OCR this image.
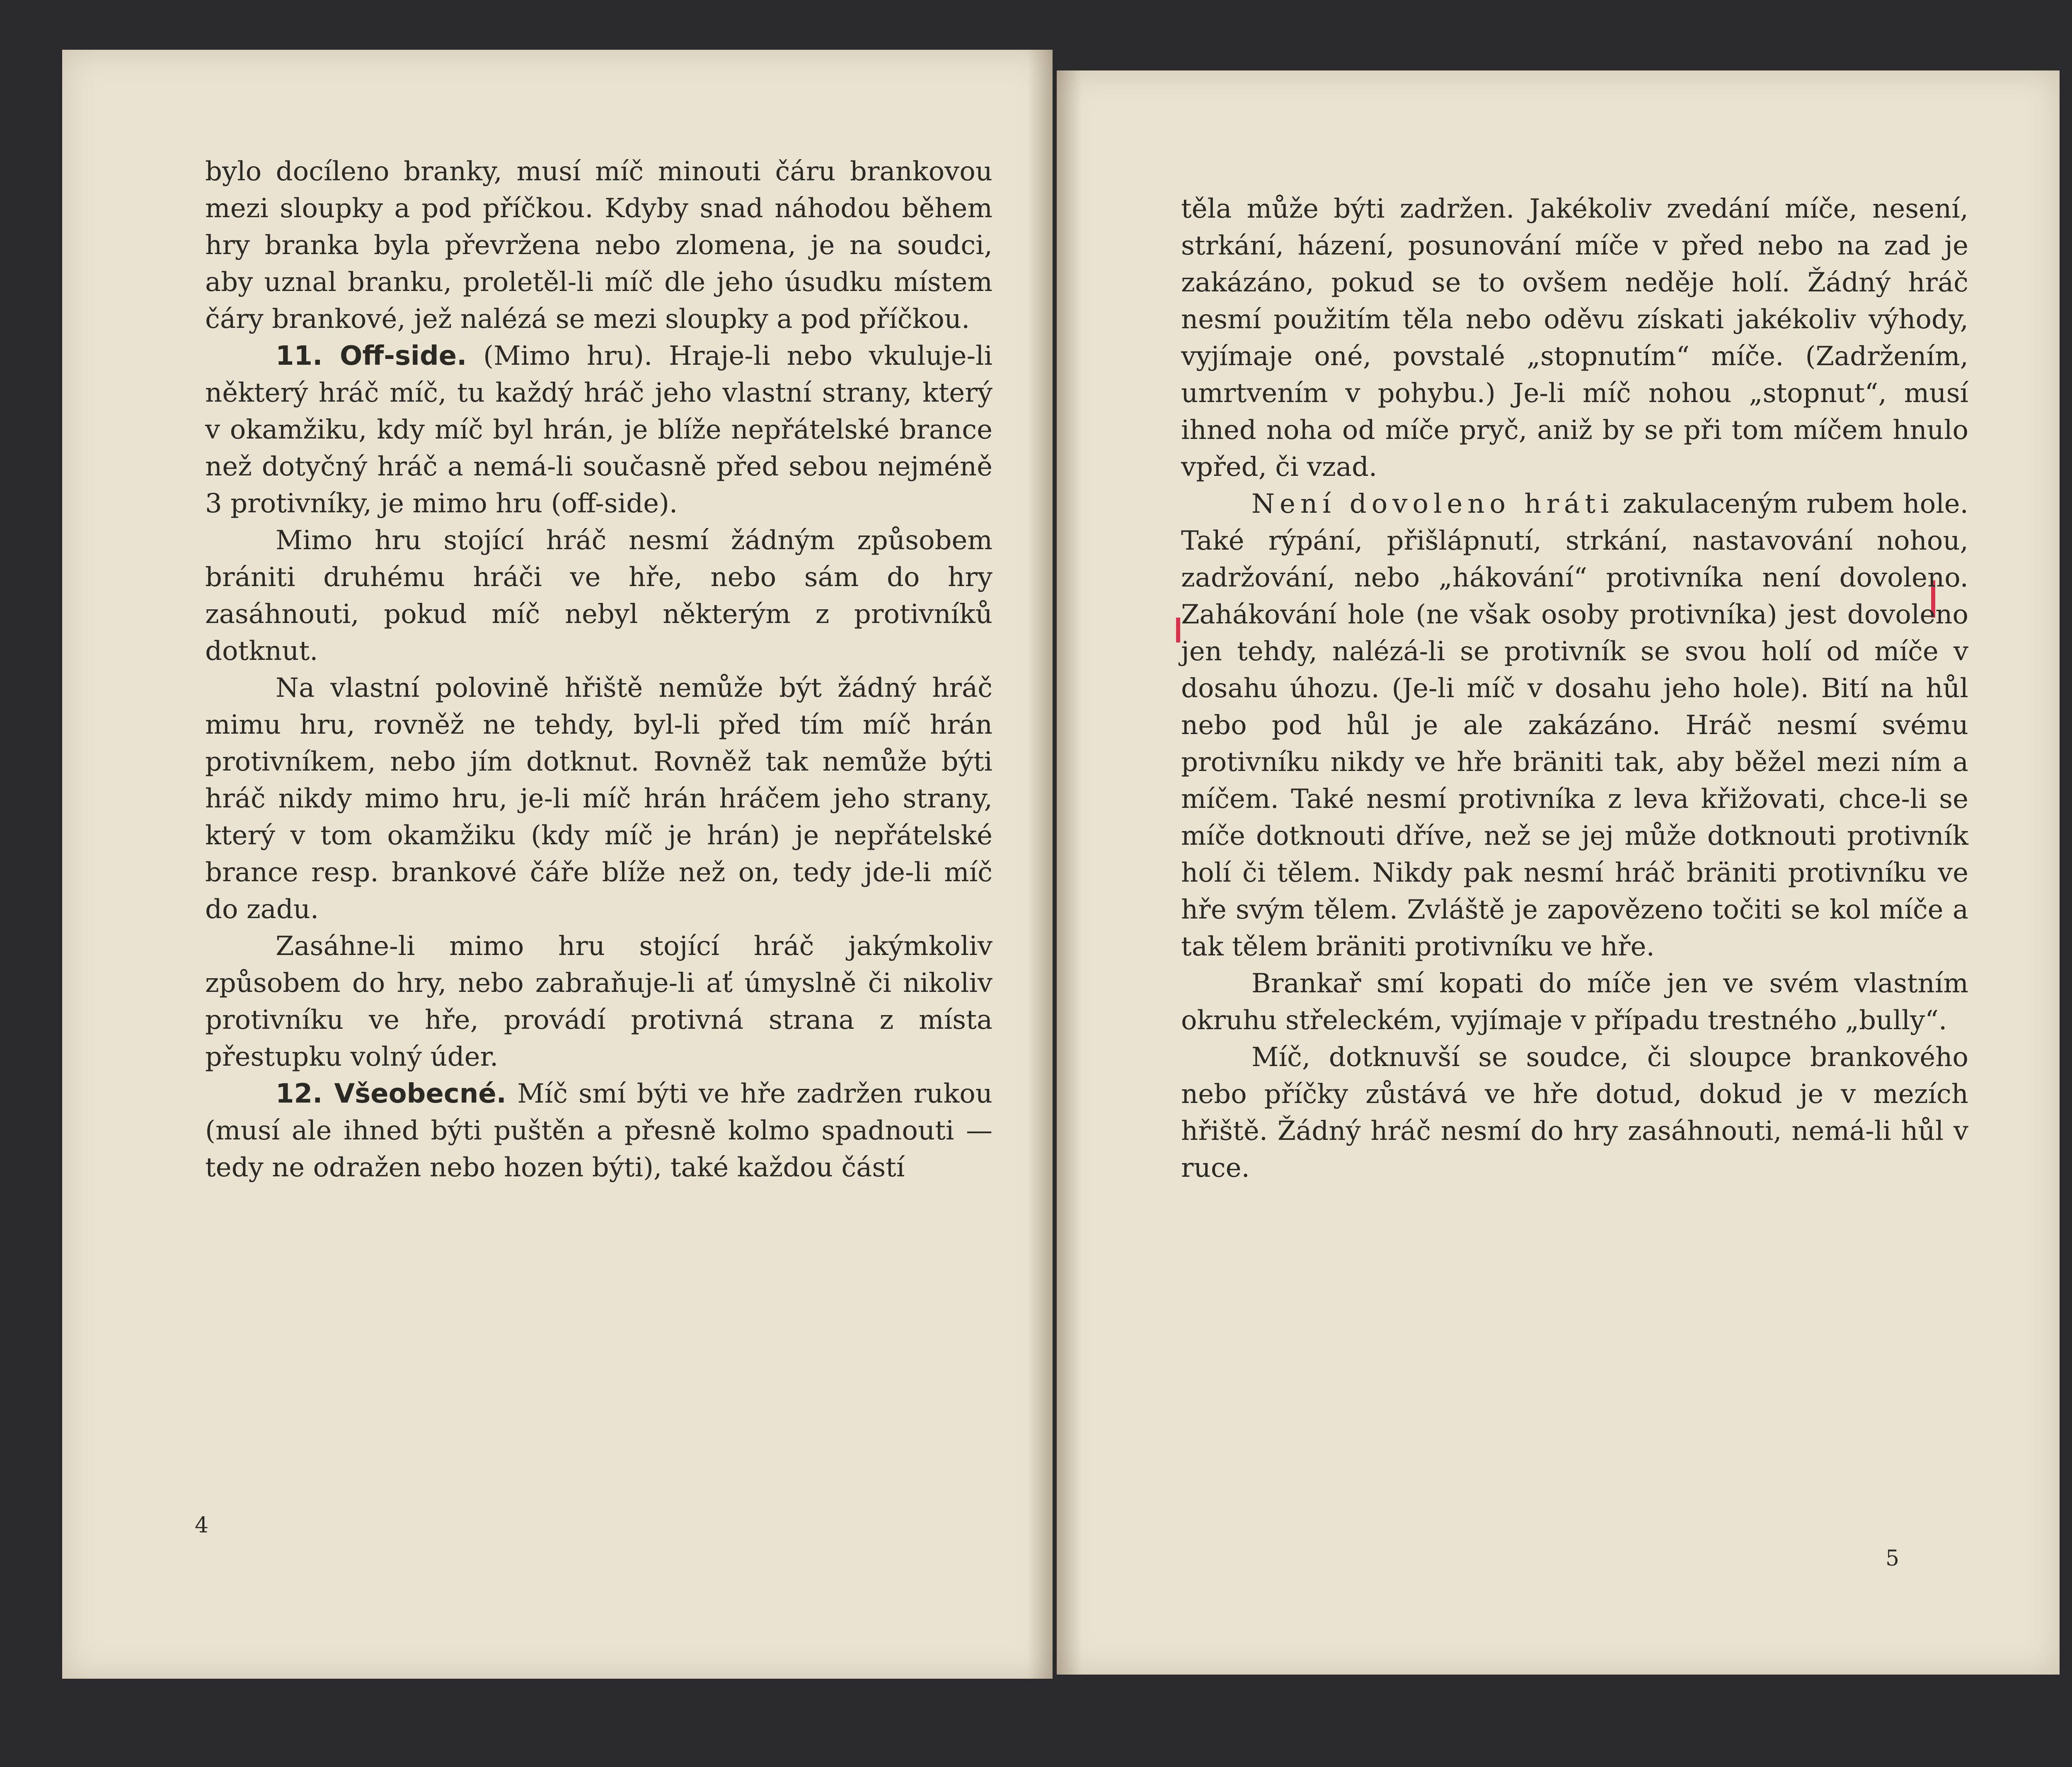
bylo docíleno branky, musí míč minouti čáru brankovou mezi sloupky a pod příčkou. Kdyby snad náhodou během hry branka byla převržena nebo zlomena, je na soudci, aby uznal branku, proletěl-li míč dle jeho úsudku místem čáry brankové, jež nalézá se mezi sloupky a pod příčkou.

11. Off-side. (Mimo hru). Hraje-li nebo vkuluje-li některý hráč míč, tu každý hráč jeho vlastní strany, který v okamžiku, kdy míč byl hrán, je blíže nepřátelské brance než dotyčný hráč a nemá-li současně před sebou nejméně 3 protivníky, je mimo hru (off-side).

Mimo hru stojící hráč nesmí žádným způsobem brániti druhému hráči ve hře, nebo sám do hry zasáhnouti, pokud míč nebyl některým z protivníků dotknut.

Na vlastní polovině hřiště nemůže být žádný hráč mimu hru, rovněž ne tehdy, byl-li před tím míč hrán protivníkem, nebo jím dotknut. Rovněž tak nemůže býti hráč nikdy mimo hru, je-li míč hrán hráčem jeho strany, který v tom okamžiku (kdy míč je hrán) je nepřátelské brance resp. brankové čáře blíže než on, tedy jde-li míč do zadu.

Zasáhne-li mimo hru stojící hráč jakýmkoliv způsobem do hry, nebo zabraňuje-li ať úmyslně či nikoliv protivníku ve hře, provádí protivná strana z místa přestupku volný úder.

12. Všeobecné. Míč smí býti ve hře zadržen rukou (musí ale ihned býti puštěn a přesně kolmo spadnouti — tedy ne odražen nebo hozen býti), také každou částí

4

těla může býti zadržen. Jakékoliv zvedání míče, nesení, strkání, házení, posunování míče v před nebo na zad je zakázáno, pokud se to ovšem neděje holí. Žádný hráč nesmí použitím těla nebo oděvu získati jakékoliv výhody, vyjímaje oné, povstalé „stopnutím“ míče. (Zadržením, umrtvením v pohybu.) Je-li míč nohou „stopnut“, musí ihned noha od míče pryč, aniž by se při tom míčem hnulo vpřed, či vzad.

Není dovoleno hráti zakulaceným rubem hole. Také rýpání, přišlápnutí, strkání, nastavování nohou, zadržování, nebo „hákování“ protivníka není dovoleno. Zahákování hole (ne však osoby protivníka) jest dovoleno jen tehdy, nalézá-li se protivník se svou holí od míče v dosahu úhozu. (Je-li míč v dosahu jeho hole). Bití na hůl nebo pod hůl je ale zakázáno. Hráč nesmí svému protivníku nikdy ve hře bräniti tak, aby běžel mezi ním a míčem. Také nesmí protivníka z leva křižovati, chce-li se míče dotknouti dříve, než se jej může dotknouti protivník holí či tělem. Nikdy pak nesmí hráč bräniti protivníku ve hře svým tělem. Zvláště je zapovězeno točiti se kol míče a tak tělem bräniti protivníku ve hře.

Brankař smí kopati do míče jen ve svém vlastním okruhu střeleckém, vyjímaje v případu trestného „bully“.

Míč, dotknuvší se soudce, či sloupce brankového nebo příčky zůstává ve hře dotud, dokud je v mezích hřiště. Žádný hráč nesmí do hry zasáhnouti, nemá-li hůl v ruce.

5
